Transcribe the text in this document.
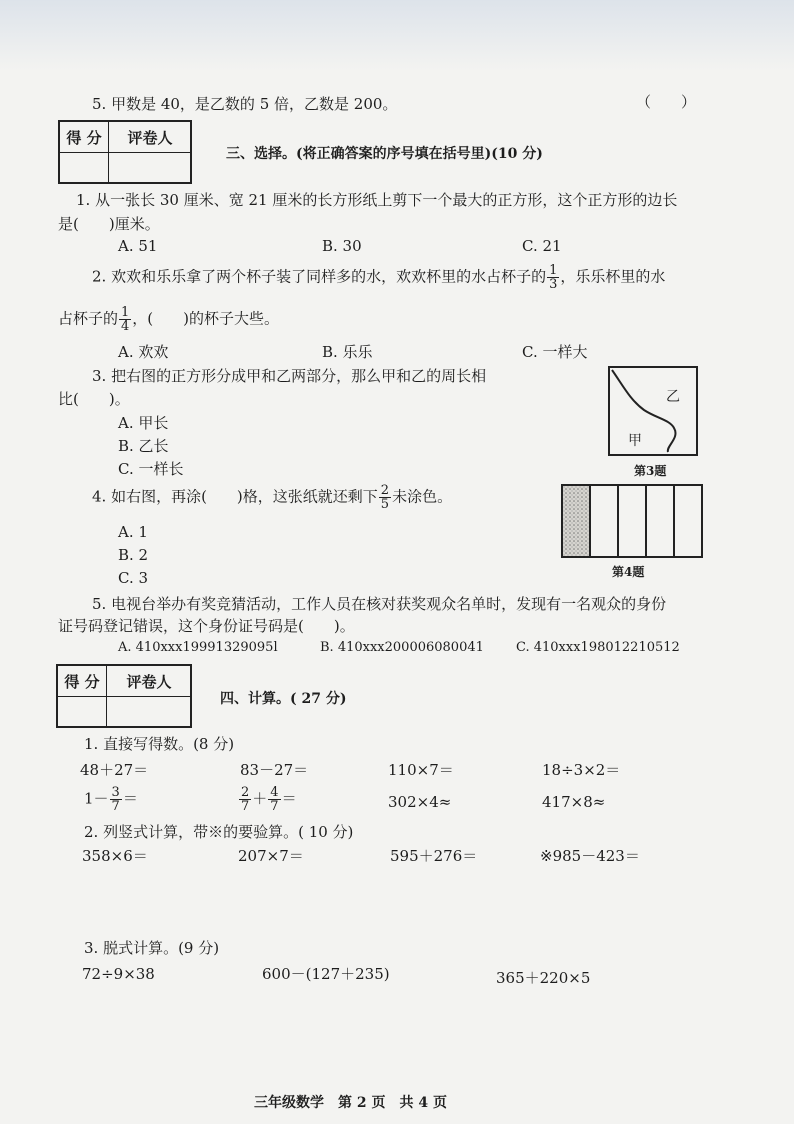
5. 甲数是 40，是乙数的 5 倍，乙数是 200。	（　　）
得 分	评卷人
三、选择。(将正确答案的序号填在括号里)(10 分)
1. 从一张长 30 厘米、宽 21 厘米的长方形纸上剪下一个最大的正方形，这个正方形的边长
是(　　)厘米。
A. 51	B. 30	C. 21
2. 欢欢和乐乐拿了两个杯子装了同样多的水，欢欢杯里的水占杯子的 $\frac{1}{3}$ ，乐乐杯里的水
占杯子的 $\frac{1}{4}$ ，(　　)的杯子大些。
A. 欢欢	B. 乐乐	C. 一样大
3. 把右图的正方形分成甲和乙两部分，那么甲和乙的周长相
比(　　)。
A. 甲长
B. 乙长
C. 一样长
乙
甲
第3题
4. 如右图，再涂(　　)格，这张纸就还剩下 $\frac{2}{5}$ 未涂色。
A. 1
B. 2
C. 3	第4题
5. 电视台举办有奖竞猜活动，工作人员在核对获奖观众名单时，发现有一名观众的身份
证号码登记错误，这个身份证号码是(　　)。
A. 410xxx19991329095l	B. 410xxx200006080041 C. 410xxx198012210512
得 分	评卷人
四、计算。( 27 分)
1. 直接写得数。(8 分)
48＋27＝	83－27＝	110×7＝	18÷3×2＝
$1- \frac{3}{7}$ ＝	$\frac{2}{7} + \frac{4}{7}$ ＝	302×4≈	417×8≈
2. 列竖式计算，带※的要验算。( 10 分)
358×6＝	207×7＝	595＋276＝	※985－423＝
3. 脱式计算。(9 分)
72÷9×38	600－(127＋235)	365＋220×5
三年级数学　第 2 页　共 4 页
